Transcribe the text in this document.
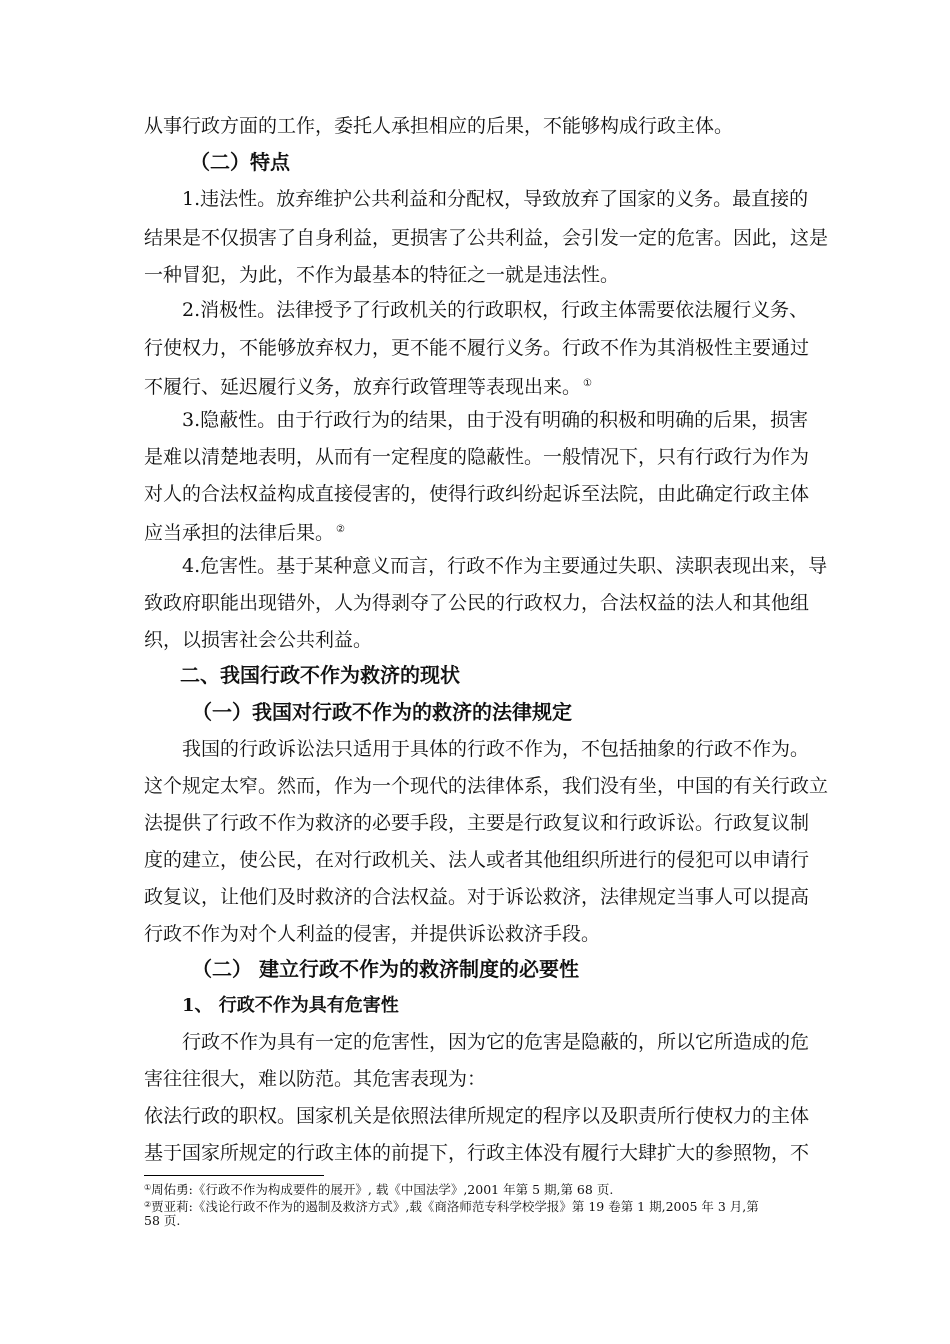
从事行政方面的工作，委托人承担相应的后果，不能够构成行政主体。
（二）特点
1.违法性。放弃维护公共利益和分配权，导致放弃了国家的义务。最直接的
结果是不仅损害了自身利益，更损害了公共利益，会引发一定的危害。因此，这是
一种冒犯，为此，不作为最基本的特征之一就是违法性。
2.消极性。法律授予了行政机关的行政职权，行政主体需要依法履行义务、
行使权力，不能够放弃权力，更不能不履行义务。行政不作为其消极性主要通过
不履行、延迟履行义务，放弃行政管理等表现出来。 ①
3.隐蔽性。由于行政行为的结果，由于没有明确的积极和明确的后果，损害
是难以清楚地表明，从而有一定程度的隐蔽性。一般情况下，只有行政行为作为
对人的合法权益构成直接侵害的，使得行政纠纷起诉至法院，由此确定行政主体
应当承担的法律后果。 ②
4.危害性。基于某种意义而言，行政不作为主要通过失职、渎职表现出来，导
致政府职能出现错外，人为得剥夺了公民的行政权力，合法权益的法人和其他组
织，以损害社会公共利益。
二、我国行政不作为救济的现状
（一）我国对行政不作为的救济的法律规定
我国的行政诉讼法只适用于具体的行政不作为，不包括抽象的行政不作为。
这个规定太窄。然而，作为一个现代的法律体系，我们没有坐，中国的有关行政立
法提供了行政不作为救济的必要手段，主要是行政复议和行政诉讼。行政复议制
度的建立，使公民，在对行政机关、法人或者其他组织所进行的侵犯可以申请行
政复议，让他们及时救济的合法权益。对于诉讼救济，法律规定当事人可以提高
行政不作为对个人利益的侵害，并提供诉讼救济手段。
（二） 建立行政不作为的救济制度的必要性
1、 行政不作为具有危害性
行政不作为具有一定的危害性，因为它的危害是隐蔽的，所以它所造成的危
害往往很大，难以防范。其危害表现为：
依法行政的职权。国家机关是依照法律所规定的程序以及职责所行使权力的主体
基于国家所规定的行政主体的前提下，行政主体没有履行大肆扩大的参照物，不
①周佑勇:《行政不作为构成要件的展开》, 载《中国法学》,2001 年第 5 期,第 68 页.
②贾亚莉:《浅论行政不作为的遏制及救济方式》,载《商洛师范专科学校学报》第 19 卷第 1 期,2005 年 3 月,第
58 页.
